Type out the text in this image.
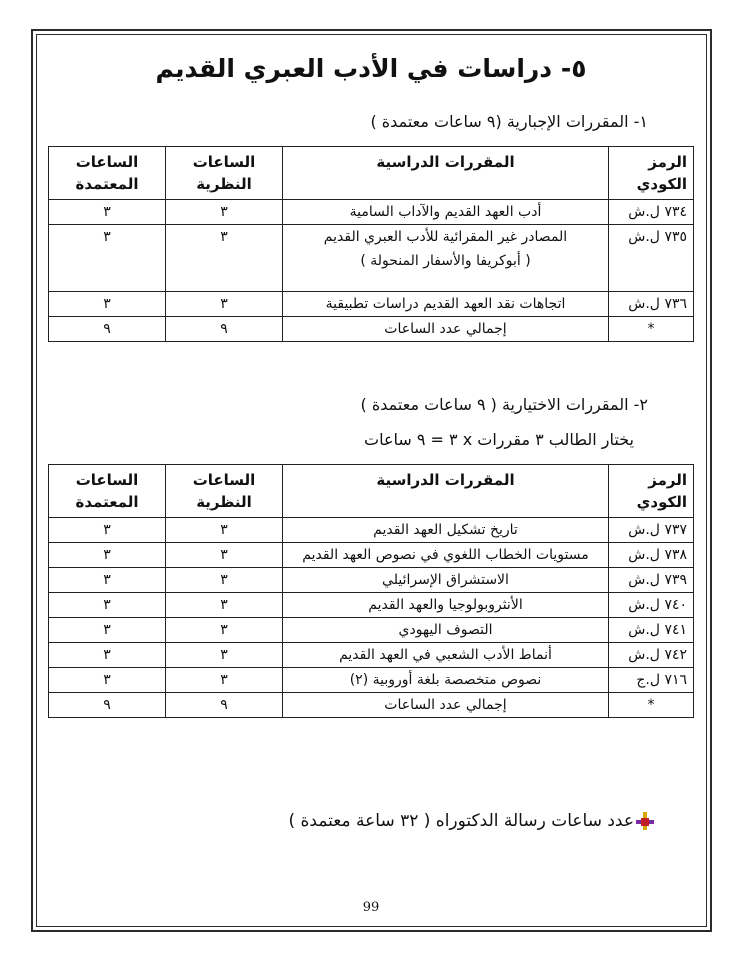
٥- دراسات في الأدب العبري القديم

١- المقررات الإجبارية (٩ ساعات معتمدة )

الرمز الكودي	المقررات الدراسية	الساعات النظرية	الساعات المعتمدة
٧٣٤ ل.ش	أدب العهد القديم والآداب السامية	٣	٣
٧٣٥ ل.ش	المصادر غير المقرائية للأدب العبري القديم
( أبوكريفا والأسفار المنحولة )	٣	٣
٧٣٦ ل.ش	اتجاهات نقد العهد القديم دراسات تطبيقية	٣	٣
*	إجمالي عدد الساعات	٩	٩

٢- المقررات الاختيارية ( ٩ ساعات معتمدة )

يختار الطالب ٣ مقررات x ٣ = ٩ ساعات

الرمز الكودي	المقررات الدراسية	الساعات النظرية	الساعات المعتمدة
٧٣٧ ل.ش	تاريخ تشكيل العهد القديم	٣	٣
٧٣٨ ل.ش	مستويات الخطاب اللغوي في نصوص العهد القديم	٣	٣
٧٣٩ ل.ش	الاستشراق الإسرائيلي	٣	٣
٧٤٠ ل.ش	الأنثروبولوجيا والعهد القديم	٣	٣
٧٤١ ل.ش	التصوف اليهودي	٣	٣
٧٤٢ ل.ش	أنماط الأدب الشعبي في العهد القديم	٣	٣
٧١٦ ل.ج	نصوص متخصصة بلغة أوروبية (٢)	٣	٣
*	إجمالي عدد الساعات	٩	٩
عدد ساعات رسالة الدكتوراه ( ٣٢ ساعة معتمدة )
99
